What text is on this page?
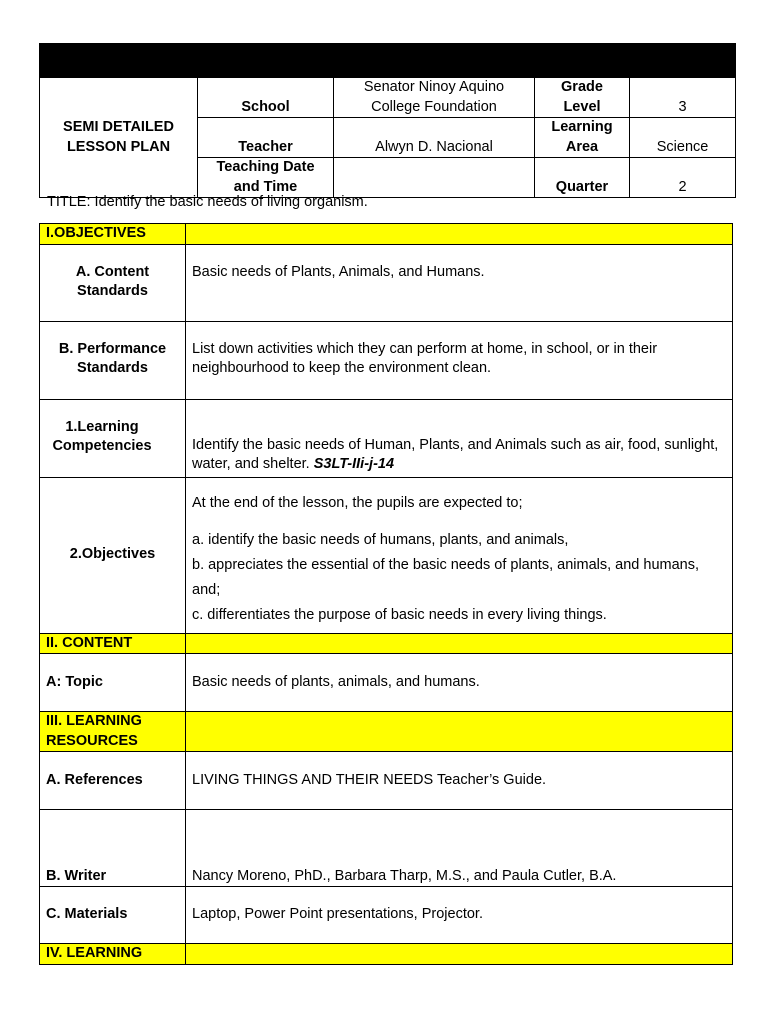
SEMI DETAILED LESSON PLAN	School	Senator Ninoy Aquino College Foundation	Grade Level	3
	Teacher	Alwyn D. Nacional	Learning Area	Science
	Teaching Date and Time		Quarter	2
TITLE: Identify the basic needs of living organism.
I.OBJECTIVES	
A. Content Standards	Basic needs of Plants, Animals, and Humans.
B. Performance Standards	List down activities which they can perform at home, in school, or in their neighbourhood to keep the environment clean.

1.Learning Competencies	Identify the basic needs of Human, Plants, and Animals such as air, food, sunlight, water, and shelter. S3LT-IIi-j-14
2.Objectives	At the end of the lesson, the pupils are expected to;
a. identify the basic needs of humans, plants, and animals,
b. appreciates the essential of the basic needs of plants, animals, and humans, and;
c. differentiates the purpose of basic needs in every living things.

II. CONTENT	
A: Topic	Basic needs of plants, animals, and humans.
III. LEARNING RESOURCES	
A. References	LIVING THINGS AND THEIR NEEDS Teacher’s Guide.
B. Writer	Nancy Moreno, PhD., Barbara Tharp, M.S., and Paula Cutler, B.A.
C. Materials	Laptop, Power Point presentations, Projector.
IV. LEARNING	
